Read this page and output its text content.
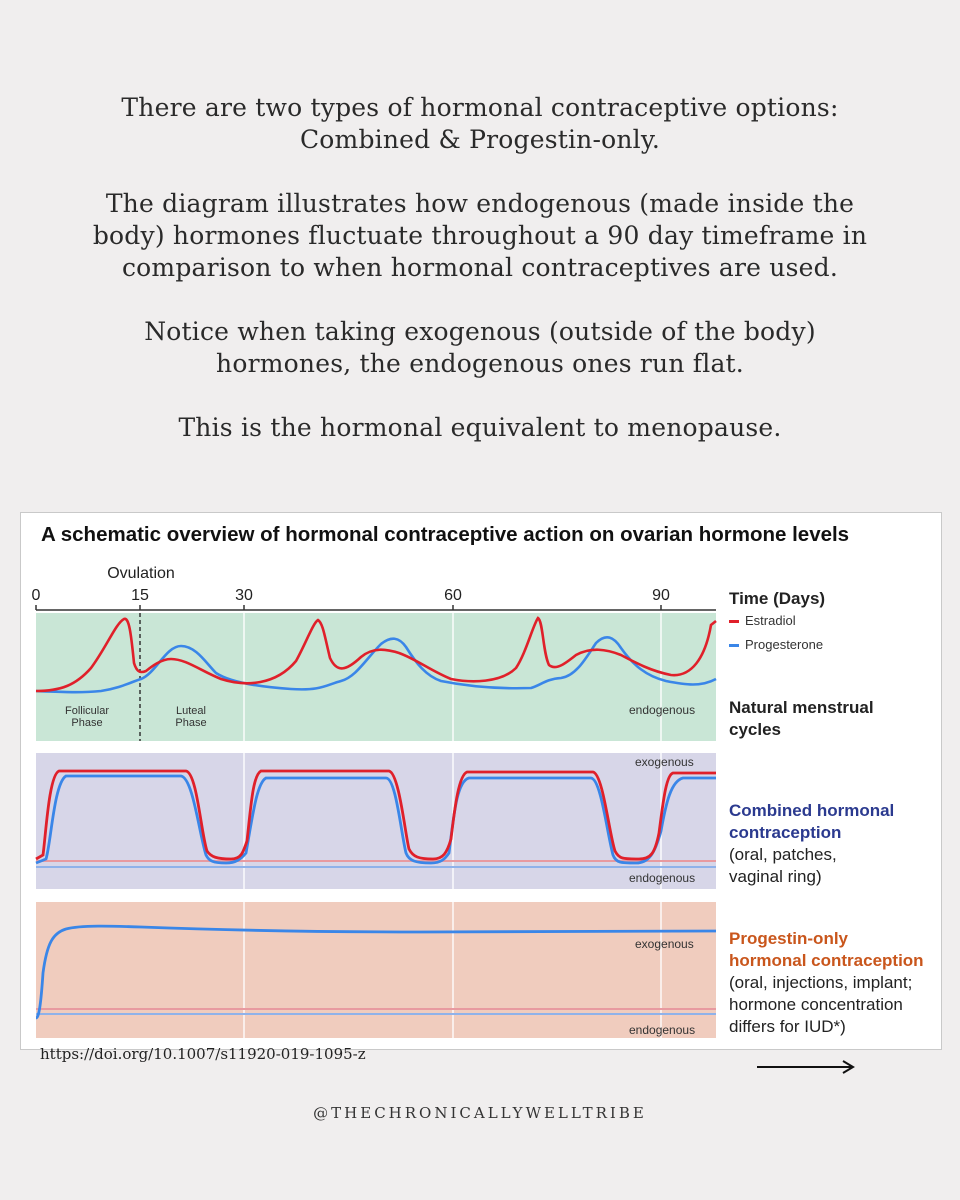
There are two types of hormonal contraceptive options:

Combined & Progestin-only.

The diagram illustrates how endogenous (made inside the

body) hormones fluctuate throughout a 90 day timeframe in

comparison to when hormonal contraceptives are used.

Notice when taking exogenous (outside of the body)

hormones, the endogenous ones run flat.

This is the hormonal equivalent to menopause.

A schematic overview of hormonal contraceptive action on ovarian hormone levels
Ovulation
0	15	30	60	90	Time (Days)
Estradiol
Progesterone
Follicular
Phase
Luteal
Phase
endogenous Natural menstrual
cycles
exogenous
endogenous
Combined hormonal
contraception
(oral, patches,
vaginal ring)
exogenous
endogenous
Progestin-only
hormonal contraception
(oral, injections, implant;
hormone concentration
differs for IUD*)
https://doi.org/10.1007/s11920-019-1095-z
@THECHRONICALLYWELLTRIBE
